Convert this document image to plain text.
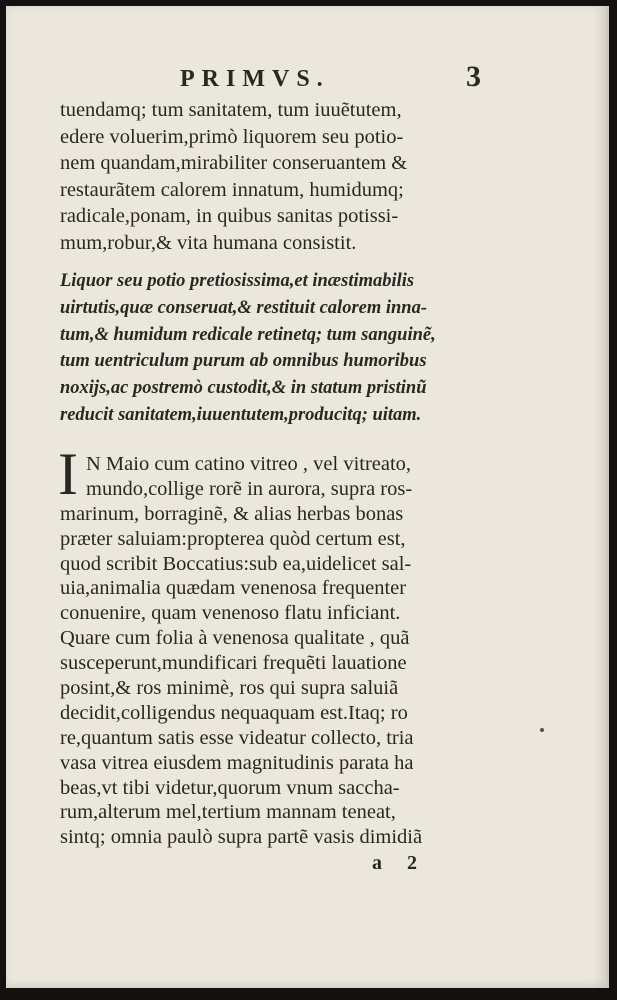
PRIMVS.	3
tuendamq; tum sanitatem, tum iuuẽtutem,
edere voluerim,primò liquorem seu potio-
nem quandam,mirabiliter conseruantem &
restaurãtem calorem innatum, humidumq;
radicale,ponam, in quibus sanitas potissi-
mum,robur,& vita humana consistit.
Liquor seu potio pretiosissima,et inæstimabilis
uirtutis,quæ conseruat,& restituit calorem inna-
tum,& humidum redicale retinetq; tum sanguinẽ,
tum uentriculum purum ab omnibus humoribus
noxijs,ac postremò custodit,& in statum pristinũ
reducit sanitatem,iuuentutem,producitq; uitam.
I N Maio cum catino vitreo , vel vitreato,
mundo,collige rorẽ in aurora, supra ros-
marinum, borraginẽ, & alias herbas bonas
præter saluiam:propterea quòd certum est,
quod scribit Boccatius:sub ea,uidelicet sal-
uia,animalia quædam venenosa frequenter
conuenire, quam venenoso flatu inficiant.
Quare cum folia à venenosa qualitate , quã
susceperunt,mundificari frequẽti lauatione
posint,& ros minimè, ros qui supra saluiã
decidit,colligendus nequaquam est.Itaq; ro
re,quantum satis esse videatur collecto, tria
vasa vitrea eiusdem magnitudinis parata ha
beas,vt tibi videtur,quorum vnum saccha-
rum,alterum mel,tertium mannam teneat,
sintq; omnia paulò supra partẽ vasis dimidiã
a 2
